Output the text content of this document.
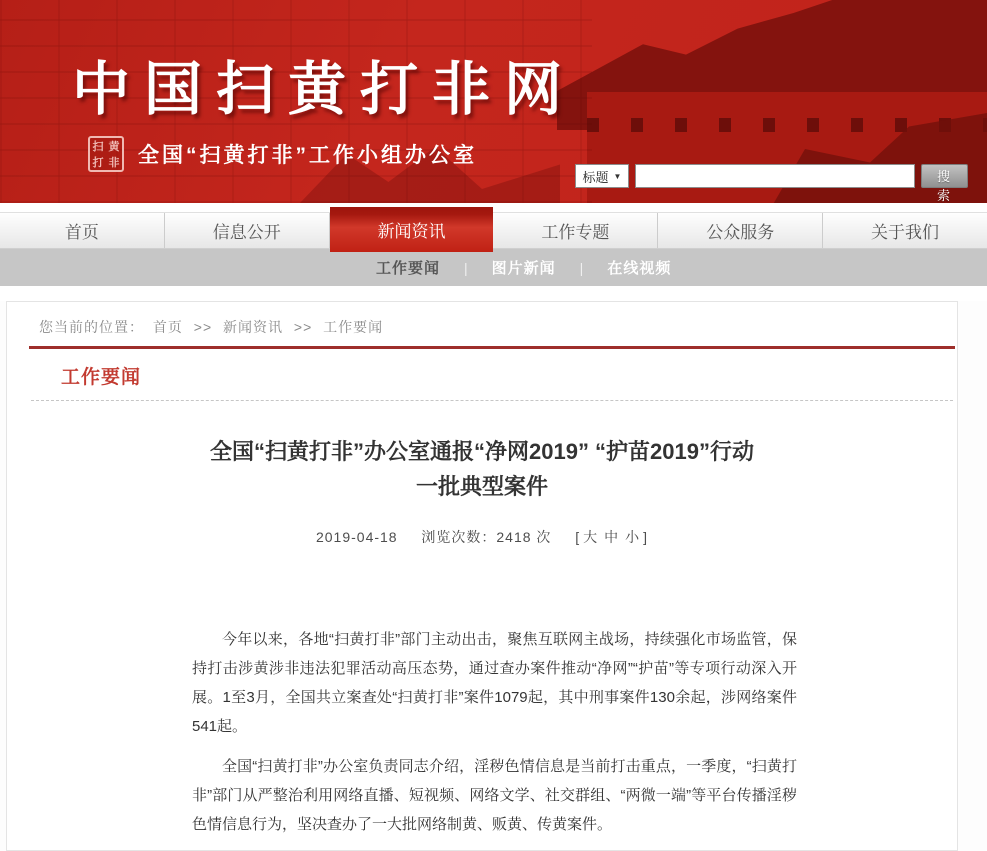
中国扫黄打非网
扫 黄
打 非 全国“扫黄打非”工作小组办公室
标题 ▼	搜 索
首页	信息公开	新闻资讯	工作专题	公众服务	关于我们
工作要闻	|	图片新闻	|	在线视频
您当前的位置： 首页 >> 新闻资讯 >> 工作要闻
工作要闻
全国“扫黄打非”办公室通报“净网2019” “护苗2019”行动
一批典型案件
2019-04-18 浏览次数：2418 次 [ 大 中 小 ]

今年以来，各地“扫黄打非”部门主动出击，聚焦互联网主战场，持续强化市场监管，保持打击涉黄涉非违法犯罪活动高压态势，通过查办案件推动“净网”“护苗”等专项行动深入开展。1至3月，全国共立案查处“扫黄打非”案件1079起，其中刑事案件130余起，涉网络案件541起。

全国“扫黄打非”办公室负责同志介绍，淫秽色情信息是当前打击重点，一季度，“扫黄打非”部门从严整治利用网络直播、短视频、网络文学、社交群组、“两微一端”等平台传播淫秽色情信息行为，坚决查办了一大批网络制黄、贩黄、传黄案件。
